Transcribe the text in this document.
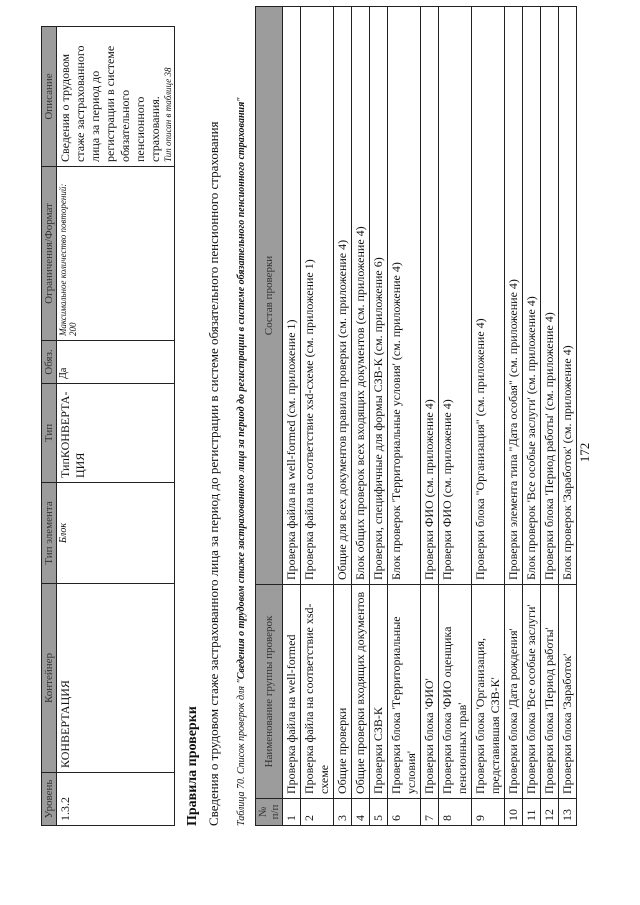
172
Уровень	Контейнер	Тип элемента	Тип	Обяз.	Ограничения/Формат	Описание
1.3.2	КОНВЕРТАЦИЯ	Блок	ТипКОНВЕРТА-ЦИЯ	Да	Максимальное количество повторений: 200	Сведения о трудовом стаже застрахованного лица за период до регистрации в системе обязательного пенсионного страхования. Тип описан в таблице 38
Правила проверки Сведения о трудовом стаже застрахованного лица за период до регистрации в системе обязательного пенсионного страхования Таблица 70. Список проверок для "Сведения о трудовом стаже застрахованного лица за период до регистрации в системе обязательного пенсионного страхования"
№ п/п	Наименование группы проверок	Состав проверки
1	Проверка файла на well-formed	Проверка файла на well-formed (см. приложение 1)
2	Проверка файла на соответствие xsd-схеме	Проверка файла на соответствие xsd-схеме (см. приложение 1)
3	Общие проверки	Общие для всех документов правила проверки (см. приложение 4)
4	Общие проверки входящих документов	Блок общих проверок всех входящих документов (см. приложение 4)
5	Проверки СЗВ-К	Проверки, специфичные для формы СЗВ-К (см. приложение 6)
6	Проверки блока 'Территориальные условия'	Блок проверок 'Территориальные условия' (см. приложение 4)
7	Проверки блока 'ФИО'	Проверки ФИО (см. приложение 4)
8	Проверки блока 'ФИО оценщика пенсионных прав'	Проверки ФИО (см. приложение 4)
9	Проверки блока 'Организация, представившая СЗВ-К'	Проверки блока "Организация" (см. приложение 4)
10	Проверки блока 'Дата рождения'	Проверки элемента типа "Дата особая" (см. приложение 4)
11	Проверки блока 'Все особые заслуги'	Блок проверок 'Все особые заслуги' (см. приложение 4)
12	Проверки блока 'Период работы'	Проверки блока 'Период работы' (см. приложение 4)
13	Проверки блока 'Заработок'	Блок проверок 'Заработок' (см. приложение 4)
